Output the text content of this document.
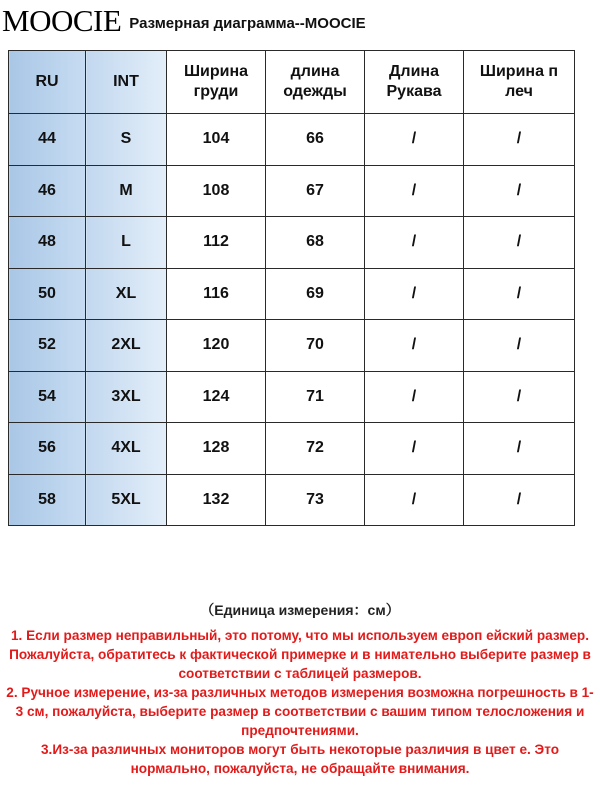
MOOCIE Размерная диаграмма--MOOCIE
RU	INT	Ширина груди	длина одежды	Длина Рукава	Ширина п леч
44	S	104	66	/	/
46	M	108	67	/	/
48	L	112	68	/	/
50	XL	116	69	/	/
52	2XL	120	70	/	/
54	3XL	124	71	/	/
56	4XL	128	72	/	/
58	5XL	132	73	/	/
（Единица измерения：см）

1. Если размер неправильный, это потому, что мы используем европ ейский размер. Пожалуйста, обратитесь к фактической примерке и в нимательно выберите размер в соответствии с таблицей размеров.

2. Ручное измерение, из-за различных методов измерения возможна погрешность в 1-3 см, пожалуйста, выберите размер в соответствии с вашим типом телосложения и предпочтениями.

3.Из-за различных мониторов могут быть некоторые различия в цвет е. Это нормально, пожалуйста, не обращайте внимания.
